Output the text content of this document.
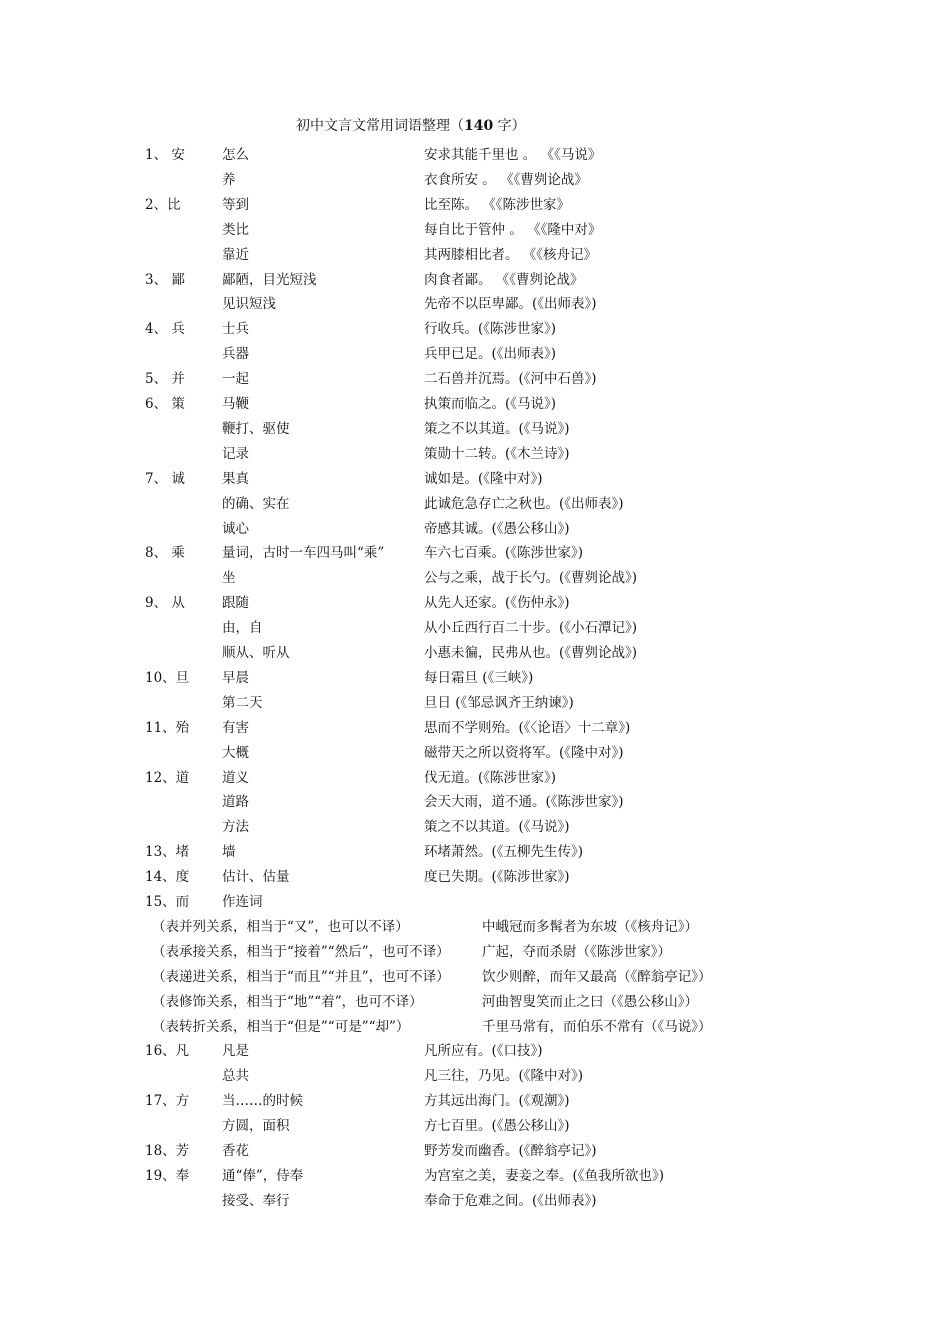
初中文言文常用词语整理（140 字）
1、 安	怎么	安求其能千里也 。 《《马说》
养	衣食所安 。 《《曹刿论战》
2、比	等到	比至陈。 《《陈涉世家》
类比	每自比于管仲 。 《《隆中对》
靠近	其两膝相比者。 《《核舟记》
3、 鄙	鄙陋，目光短浅	肉食者鄙。 《《曹刿论战》
见识短浅	先帝不以臣卑鄙。(《出师表》)
4、 兵	士兵	行收兵。(《陈涉世家》)
兵器	兵甲已足。(《出师表》)
5、 并	一起	二石兽并沉焉。(《河中石兽》)
6、 策	马鞭	执策而临之。(《马说》)
鞭打、驱使	策之不以其道。(《马说》)
记录	策勋十二转。(《木兰诗》)
7、 诚	果真	诚如是。(《隆中对》)
的确、实在	此诚危急存亡之秋也。(《出师表》)
诚心	帝感其诚。(《愚公移山》)
8、 乘	量词，古时一车四马叫“乘”	车六七百乘。(《陈涉世家》)
坐	公与之乘，战于长勺。(《曹刿论战》)
9、 从	跟随	从先人还家。(《伤仲永》)
由，自	从小丘西行百二十步。(《小石潭记》)
顺从、听从	小惠未徧，民弗从也。(《曹刿论战》)
10、旦 早晨	每日霜旦 (《三峡》)
第二天	旦日 (《邹忌讽齐王纳谏》)
11、殆 有害	思而不学则殆。(《〈论语〉十二章》)
大概	磁带天之所以资将军。(《隆中对》)
12、道 道义	伐无道。(《陈涉世家》)
道路	会天大雨，道不通。(《陈涉世家》)
方法	策之不以其道。(《马说》)
13、堵 墙	环堵萧然。(《五柳先生传》)
14、度 估计、估量	度已失期。(《陈涉世家》)
15、而 作连词
（表并列关系，相当于“又”，也可以不译）	中峨冠而多髯者为东坡（《核舟记》）
（表承接关系，相当于“接着”“然后”，也可不译） 广起，夺而杀尉（《陈涉世家》）
（表递进关系，相当于“而且”“并且”，也可不译） 饮少则醉，而年又最高（《醉翁亭记》）
（表修饰关系，相当于“地”“着”，也可不译）	河曲智叟笑而止之曰（《愚公移山》）
（表转折关系，相当于“但是”“可是”“却”）	千里马常有，而伯乐不常有（《马说》）
16、凡 凡是	凡所应有。(《口技》)
总共	凡三往，乃见。(《隆中对》)
17、方 当……的时候	方其远出海门。(《观潮》)
方圆，面积	方七百里。(《愚公移山》)
18、芳 香花	野芳发而幽香。(《醉翁亭记》)
19、奉 通“俸”，侍奉	为宫室之美，妻妾之奉。(《鱼我所欲也》)
接受、奉行	奉命于危难之间。(《出师表》)
